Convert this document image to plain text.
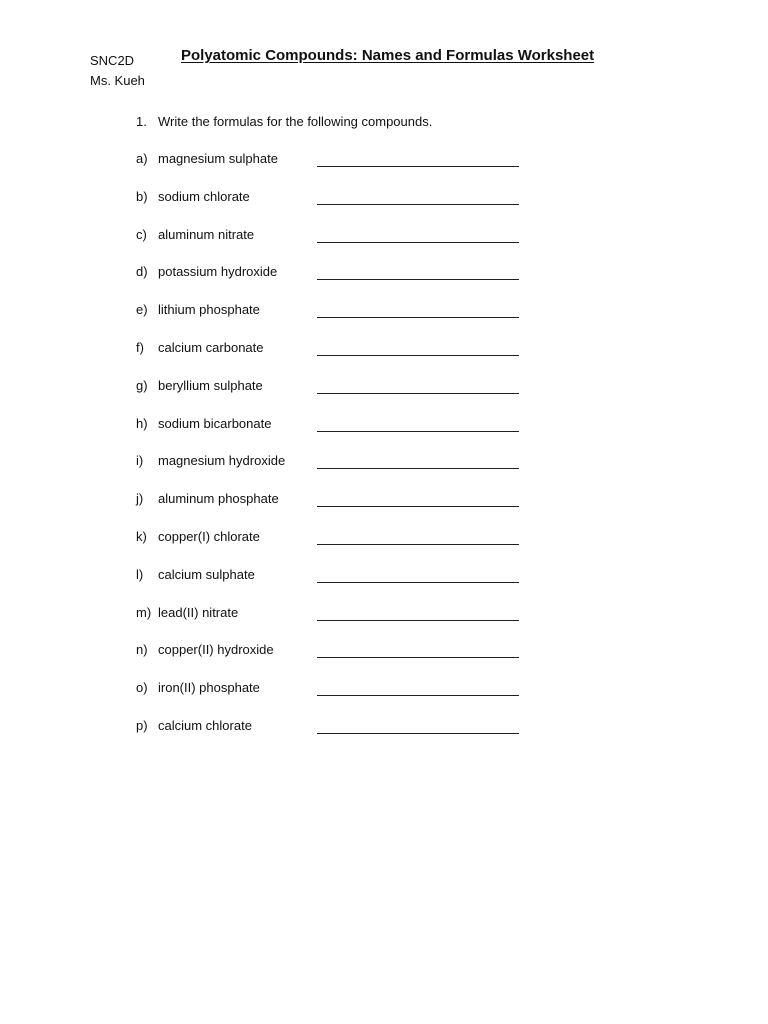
SNC2D
Ms. Kueh
Polyatomic Compounds: Names and Formulas Worksheet
1. Write the formulas for the following compounds.
a) magnesium sulphate
b) sodium chlorate
c) aluminum nitrate
d) potassium hydroxide
e) lithium phosphate
f) calcium carbonate
g) beryllium sulphate
h) sodium bicarbonate
i) magnesium hydroxide
j) aluminum phosphate
k) copper(I) chlorate
l) calcium sulphate
m) lead(II) nitrate
n) copper(II) hydroxide
o) iron(II) phosphate
p) calcium chlorate
